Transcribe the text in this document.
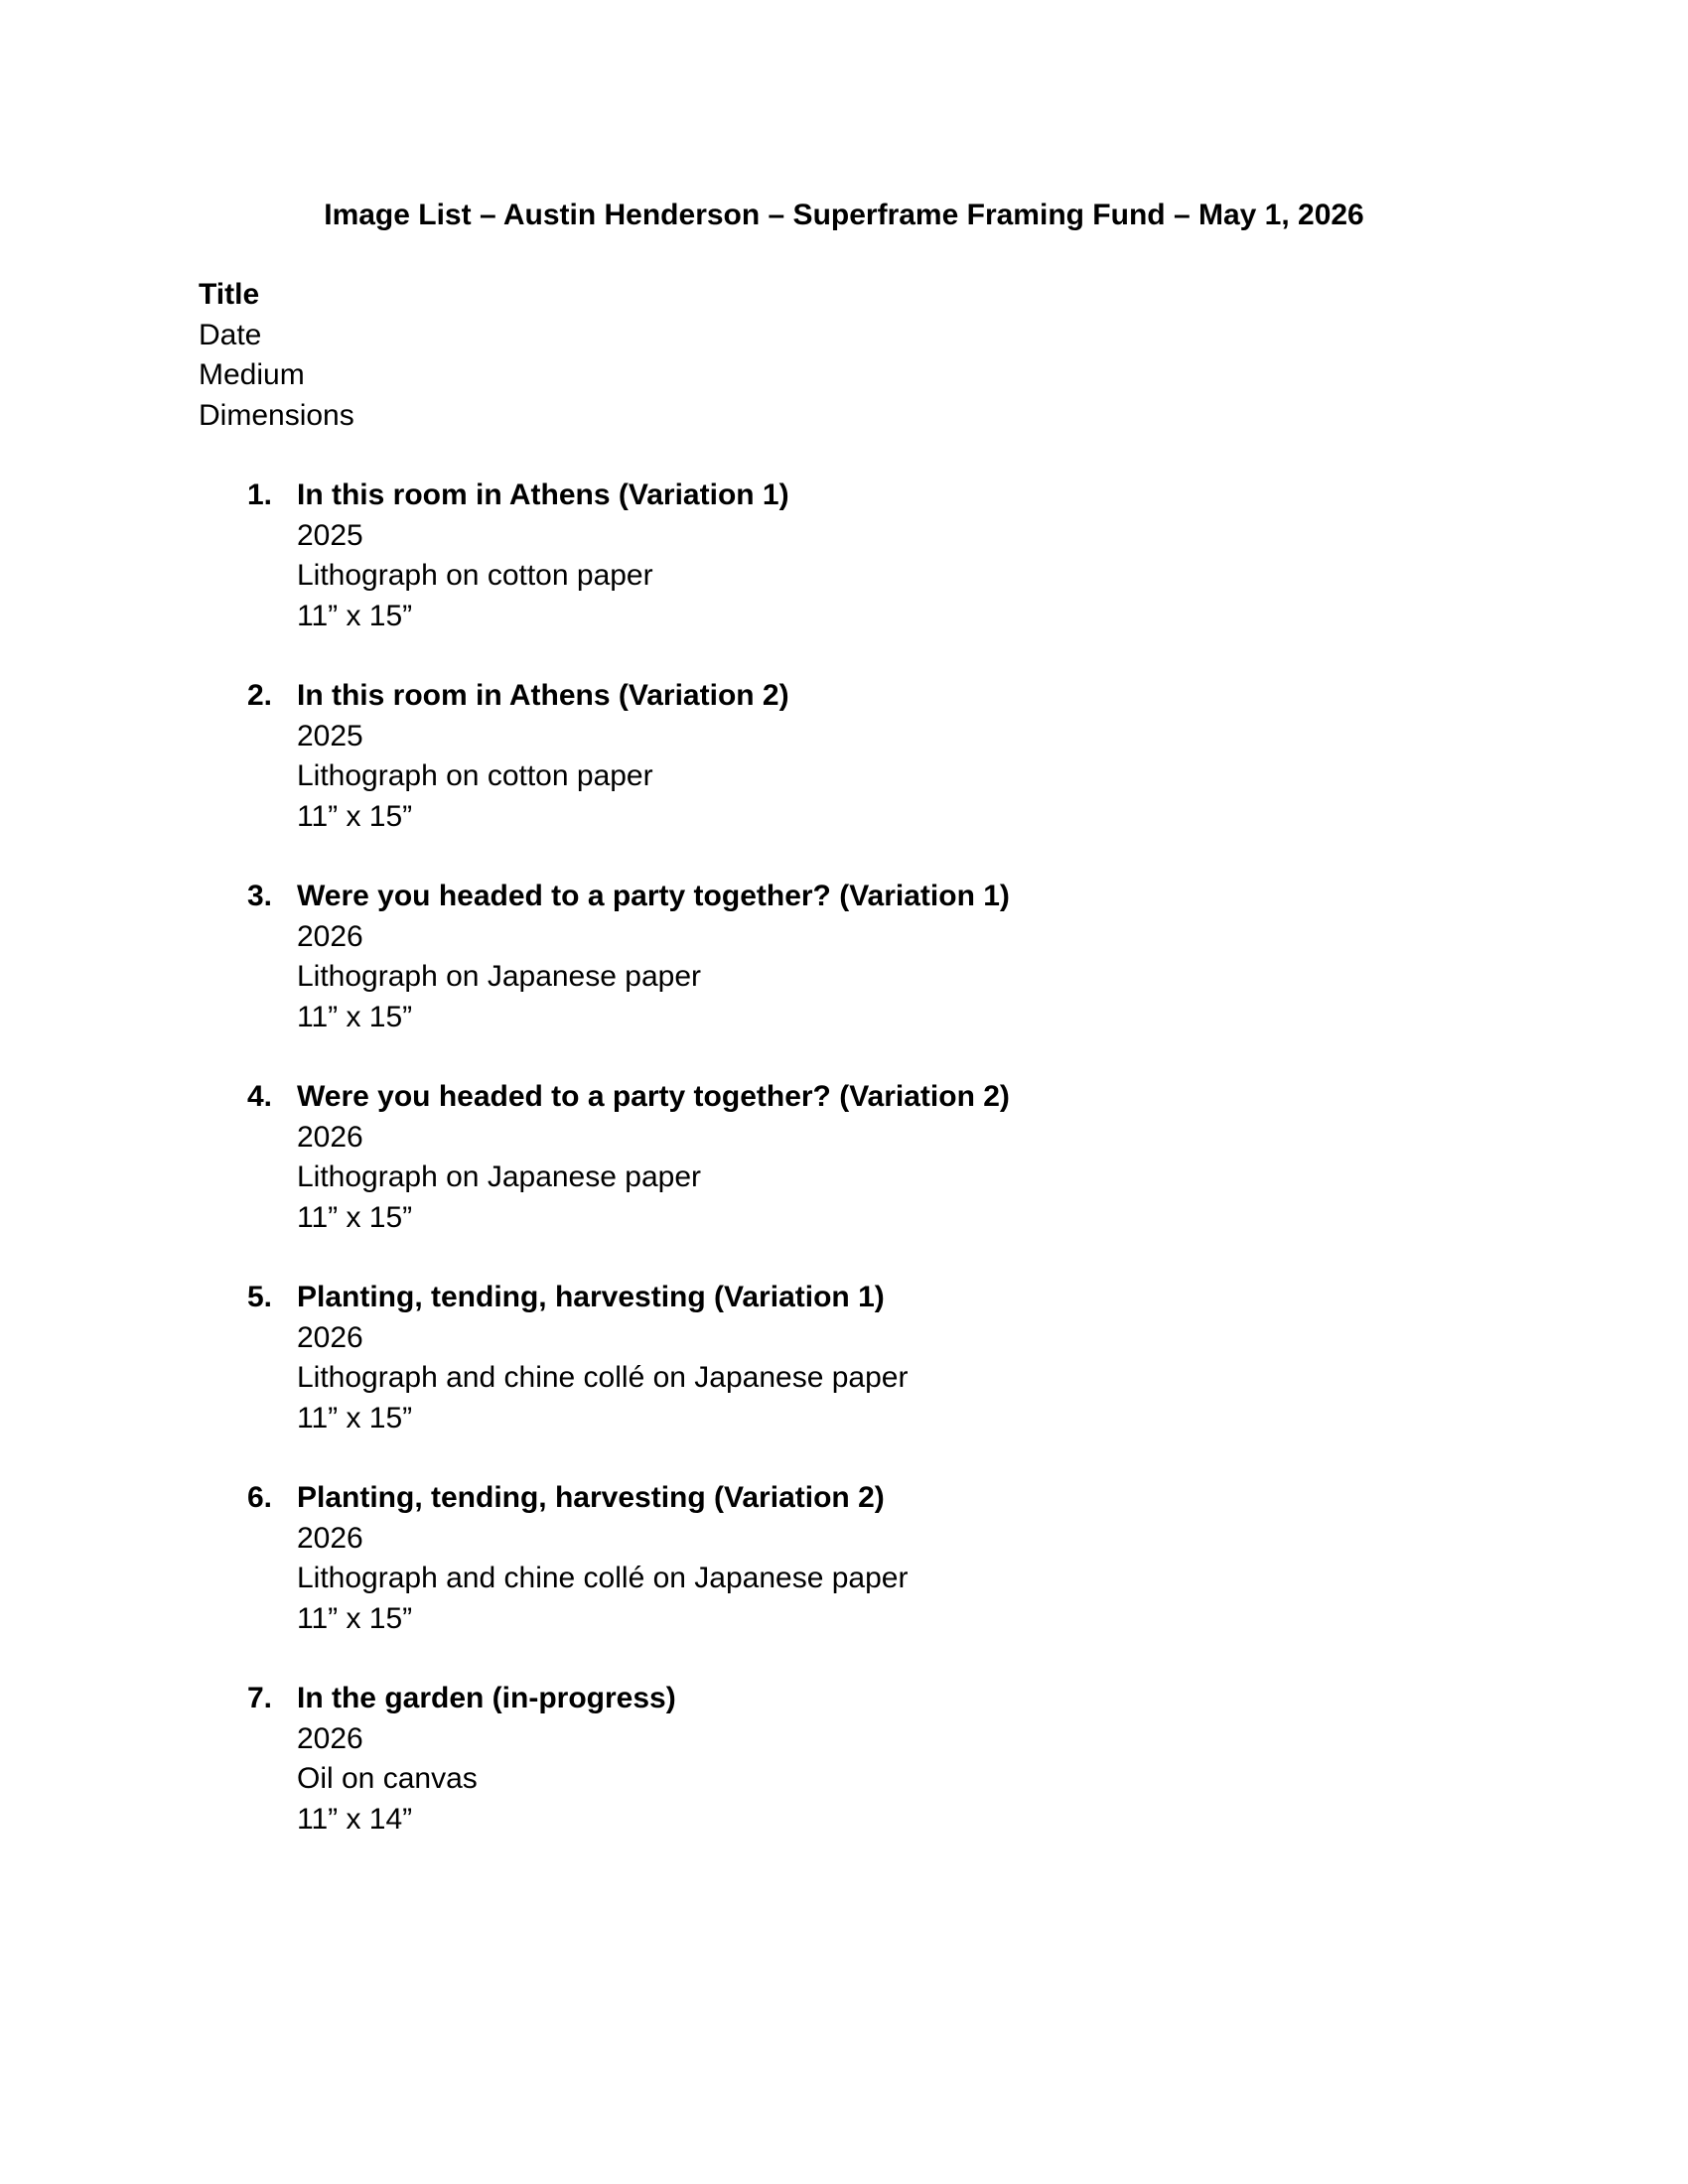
Image List – Austin Henderson – Superframe Framing Fund – May 1, 2026
Title
Date
Medium
Dimensions
1. In this room in Athens (Variation 1)
2025
Lithograph on cotton paper
11” x 15”
2. In this room in Athens (Variation 2)
2025
Lithograph on cotton paper
11” x 15”
3. Were you headed to a party together? (Variation 1)
2026
Lithograph on Japanese paper
11” x 15”
4. Were you headed to a party together? (Variation 2)
2026
Lithograph on Japanese paper
11” x 15”
5. Planting, tending, harvesting (Variation 1)
2026
Lithograph and chine collé on Japanese paper
11” x 15”
6. Planting, tending, harvesting (Variation 2)
2026
Lithograph and chine collé on Japanese paper
11” x 15”
7. In the garden (in-progress)
2026
Oil on canvas
11” x 14”
